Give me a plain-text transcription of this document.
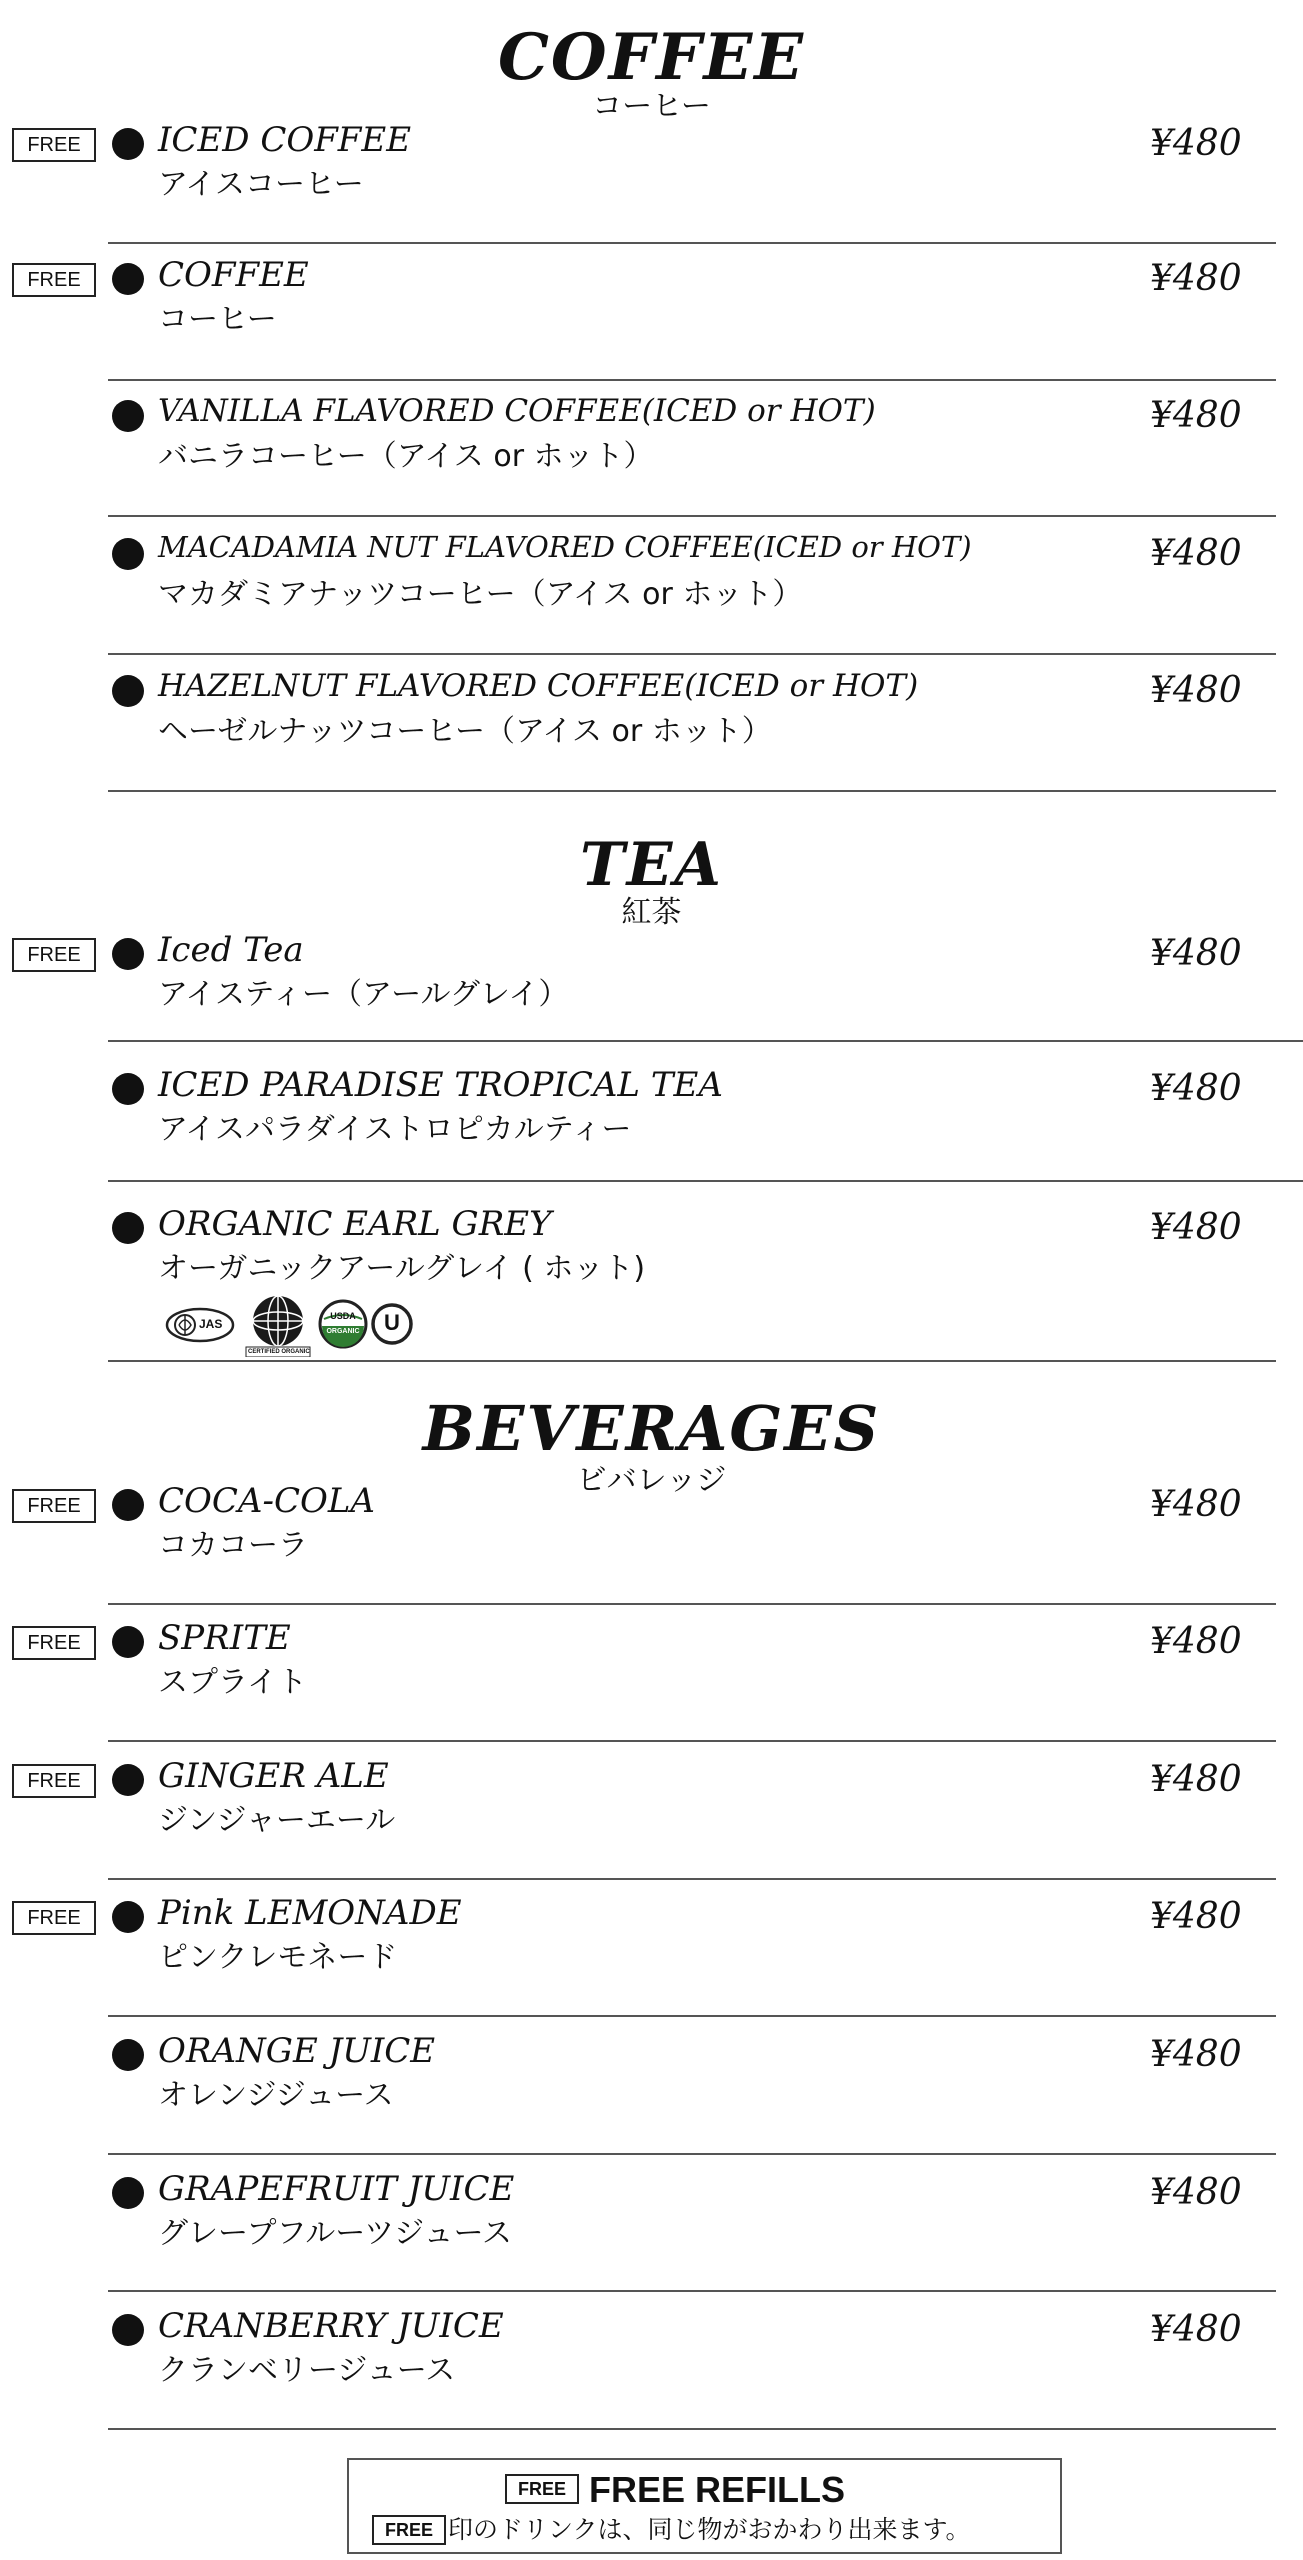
COFFEE
コーヒー
FREE	ICED COFFEE
アイスコーヒー
¥480
FREE	COFFEE
コーヒー
¥480
VANILLA FLAVORED COFFEE(ICED or HOT)
バニラコーヒー（アイス or ホット）
¥480
MACADAMIA NUT FLAVORED COFFEE(ICED or HOT)
マカダミアナッツコーヒー（アイス or ホット）
¥480
HAZELNUT FLAVORED COFFEE(ICED or HOT)
ヘーゼルナッツコーヒー（アイス or ホット）
¥480
TEA
紅茶
FREE	Iced Tea
アイスティー（アールグレイ）
¥480
ICED PARADISE TROPICAL TEA
アイスパラダイストロピカルティー
¥480
ORGANIC EARL GREY
オーガニックアールグレイ ( ホット)
¥480
JAS
CERTIFIED ORGANIC
USDA
ORGANIC	U
BEVERAGES
ビバレッジ
FREE	COCA-COLA
コカコーラ
¥480
FREE	SPRITE
スプライト
¥480
FREE	GINGER ALE
ジンジャーエール
¥480
FREE	Pink LEMONADE
ピンクレモネード
¥480
ORANGE JUICE
オレンジジュース
¥480
GRAPEFRUIT JUICE
グレープフルーツジュース
¥480
CRANBERRY JUICE
クランベリージュース
¥480
FREE FREE REFILLS
FREE 印のドリンクは、同じ物がおかわり出来ます。
